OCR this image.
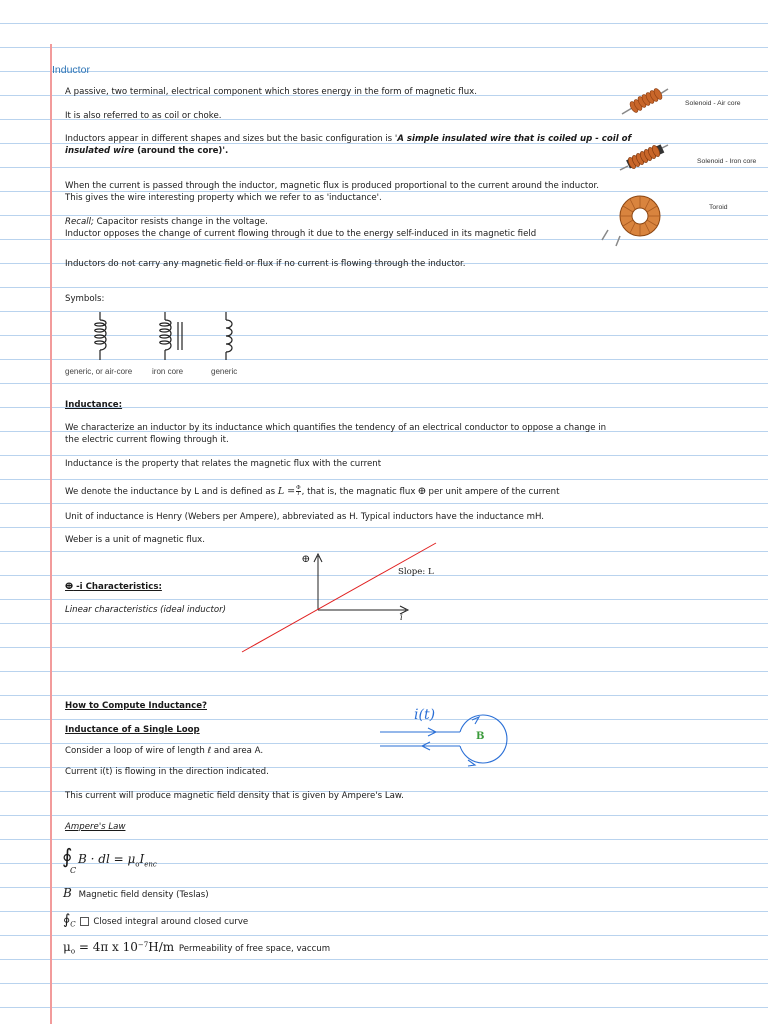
Inductor
A passive, two terminal, electrical component which stores energy in the form of magnetic flux.
It is also referred to as coil or choke.
Inductors appear in different shapes and sizes but the basic configuration is 'A simple insulated wire that is coiled up - coil of
insulated wire (around the core)'.
When the current is passed through the inductor, magnetic flux is produced proportional to the current around the inductor.
This gives the wire interesting property which we refer to as 'inductance'.
Recall; Capacitor resists change in the voltage.
Inductor opposes the change of current flowing through it due to the energy self-induced in its magnetic field
Inductors do not carry any magnetic field or flux if no current is flowing through the inductor.
Solenoid - Air core
Solenoid - Iron core
Toroid
Symbols:
generic, or air-core iron core	generic
Inductance:
We characterize an inductor by its inductance which quantifies the tendency of an electrical conductor to oppose a change in
the electric current flowing through it.
Inductance is the property that relates the magnetic flux with the current
We denote the inductance by L and is defined as $L = \frac{\Phi}{i}$ , that is, the magnatic flux ⴲ per unit ampere of the current
Unit of inductance is Henry (Webers per Ampere), abbreviated as H. Typical inductors have the inductance mH.
Weber is a unit of magnetic flux.
ⴲ -i Characteristics:
Linear characteristics (ideal inductor)
ⴲ
i
Slope: L
How to Compute Inductance?
Inductance of a Single Loop
Consider a loop of wire of length ℓ and area A.
Current i(t) is flowing in the direction indicated.
This current will produce magnetic field density that is given by Ampere's Law.
i(t)
B
Ampere's Law
∮
C
B · dl = $\mu_oI_{enc}$
B Magnetic field density (Teslas)
$∮_C$ Closed integral around closed curve
$\mu_o = 4\pi$ x $10^{-7}H/m$ Permeability of free space, vaccum
